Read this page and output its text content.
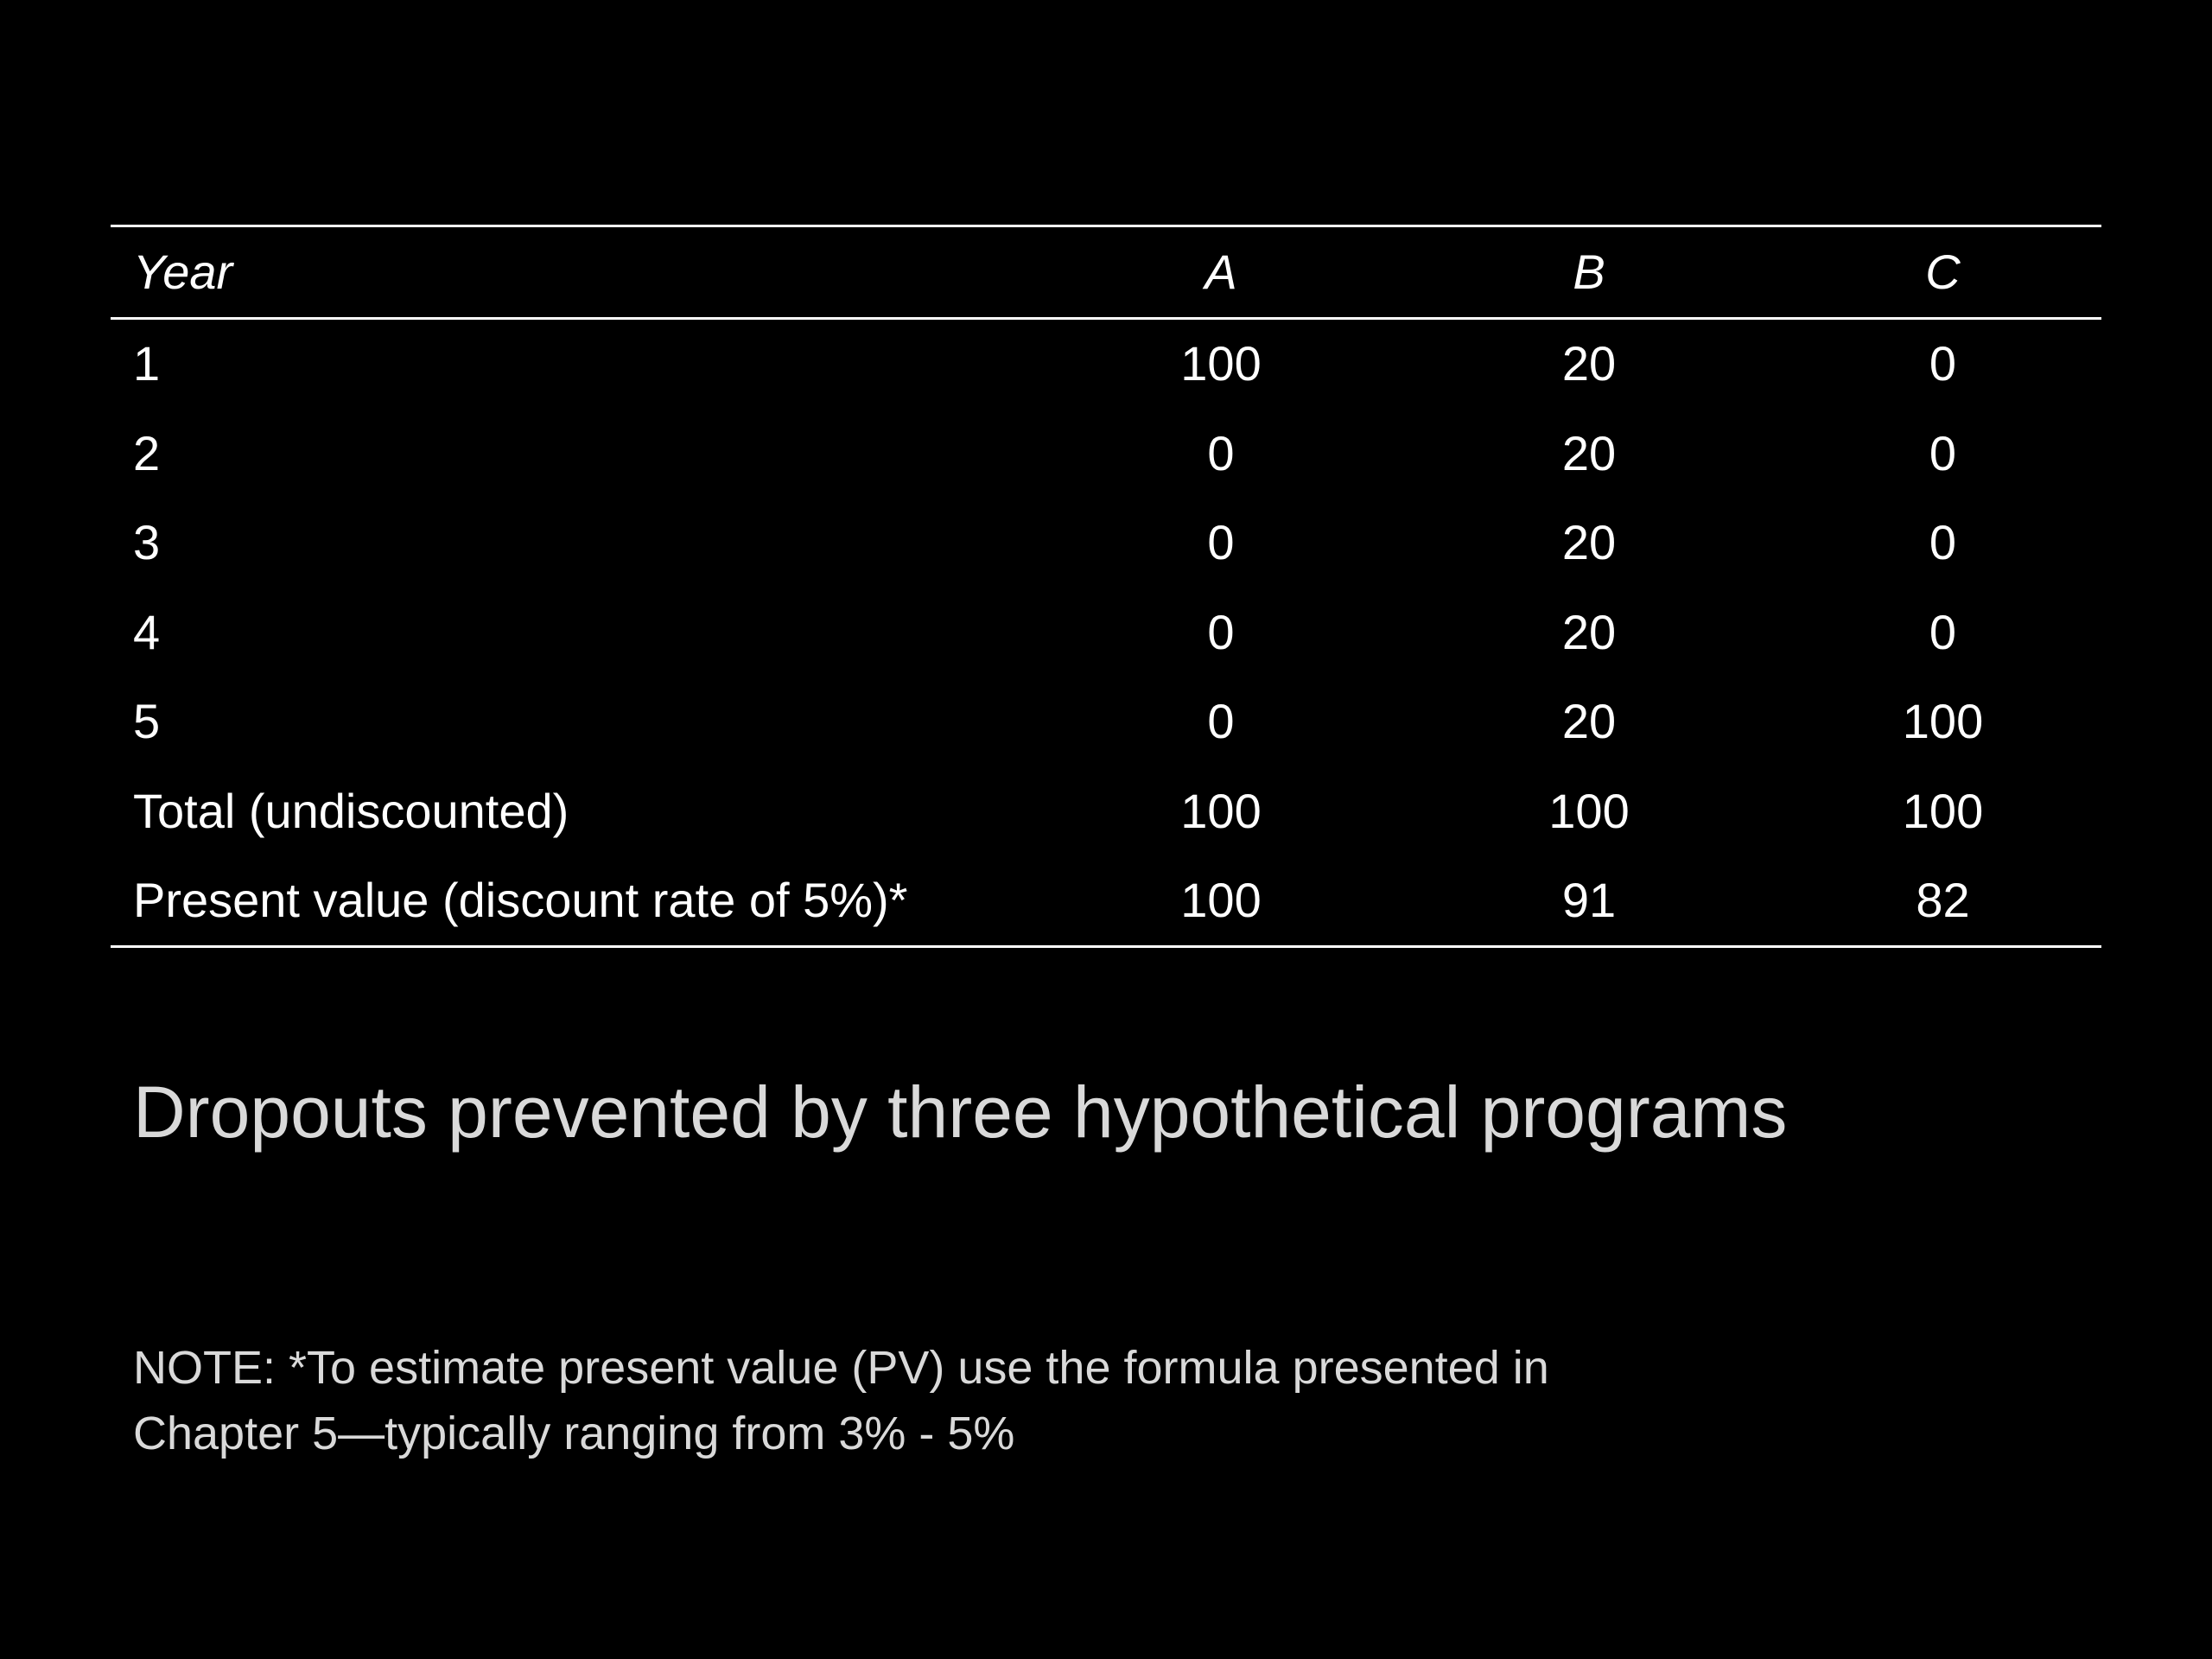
Year	A	B	C
1	100	20	0
2	0	20	0
3	0	20	0
4	0	20	0
5	0	20	100
Total (undiscounted)	100	100	100
Present value (discount rate of 5%)*	100	91	82
Dropouts prevented by three hypothetical programs

NOTE: *To estimate present value (PV) use the formula presented in
Chapter 5—typically ranging from 3% - 5%
